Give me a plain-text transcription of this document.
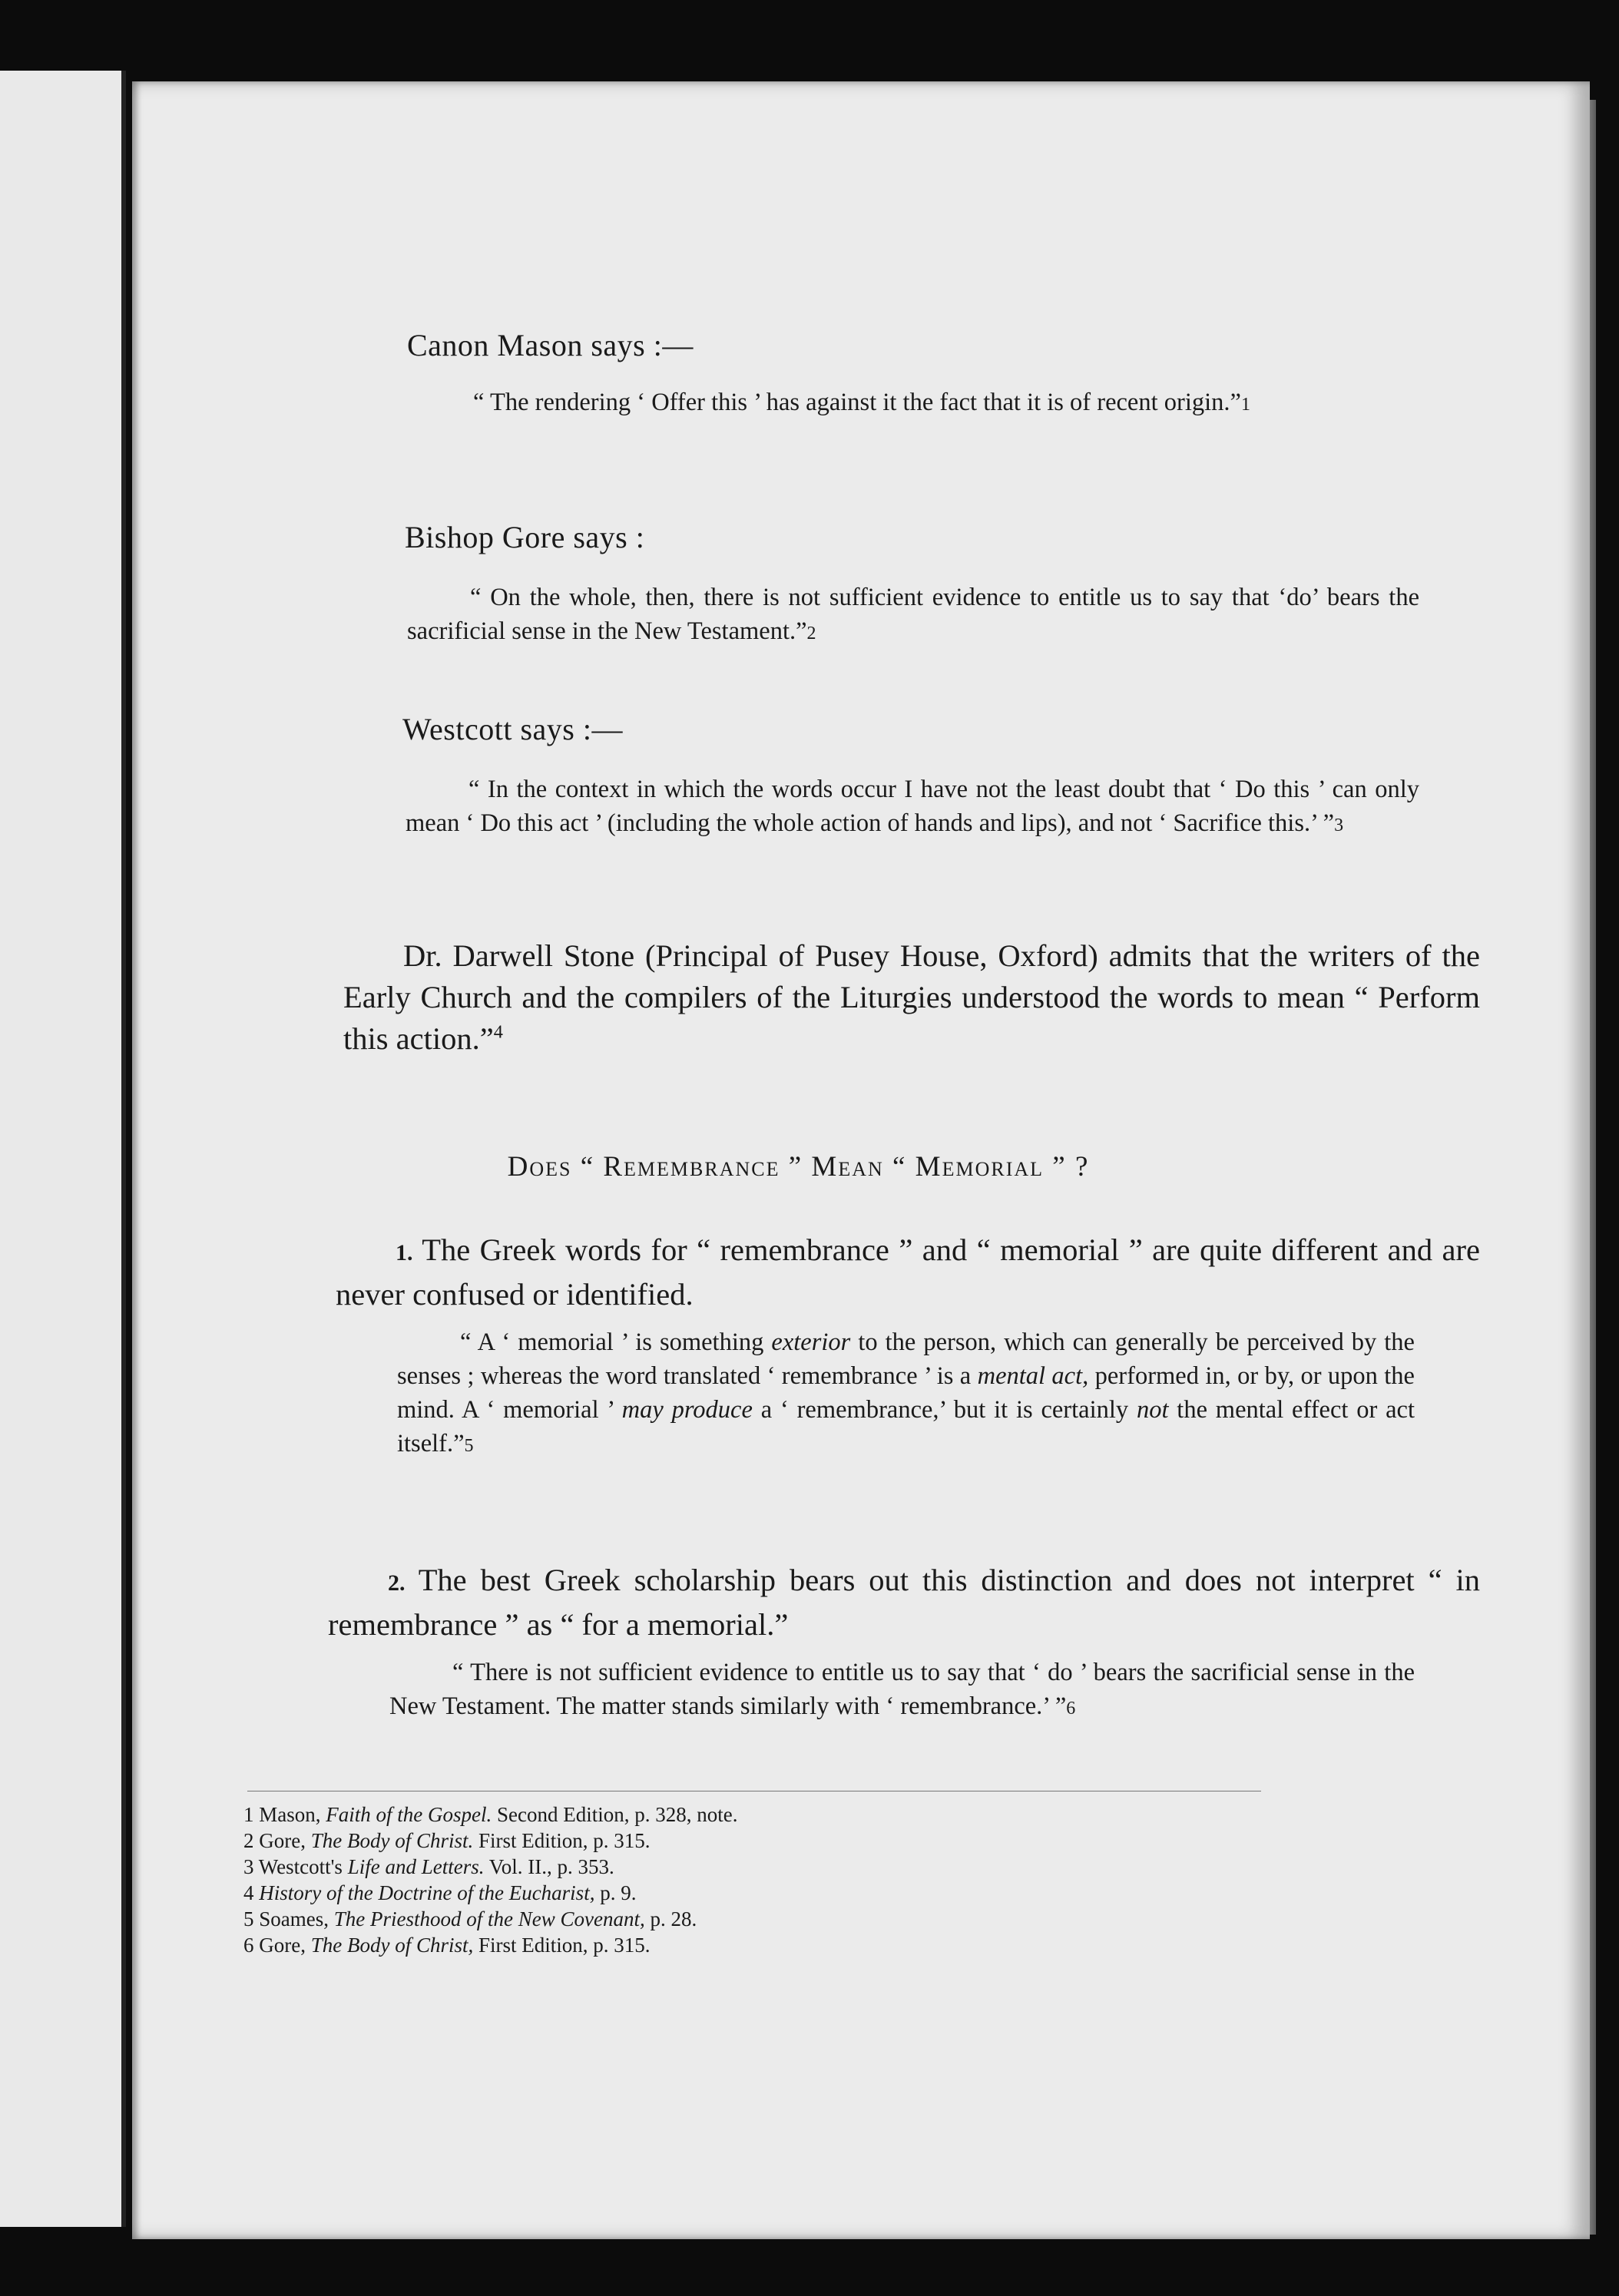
Canon Mason says :—
“ The rendering ‘ Offer this ’ has against it the fact that it is of recent origin.”1
Bishop Gore says :
“ On the whole, then, there is not sufficient evidence to entitle us to say that ‘do’ bears the sacrificial sense in the New Testament.”2
Westcott says :—
“ In the context in which the words occur I have not the least doubt that ‘ Do this ’ can only mean ‘ Do this act ’ (including the whole action of hands and lips), and not ‘ Sacrifice this.’ ”3
Dr. Darwell Stone (Principal of Pusey House, Oxford) admits that the writers of the Early Church and the compilers of the Liturgies understood the words to mean “ Perform this action.”$^4$
Does “ Remembrance ” Mean “ Memorial ” ?
1. The Greek words for “ remembrance ” and “ memorial ” are quite different and are never confused or identified.
“ A ‘ memorial ’ is something exterior to the person, which can generally be perceived by the senses ; whereas the word translated ‘ remembrance ’ is a mental act, performed in, or by, or upon the mind. A ‘ memorial ’ may produce a ‘ remembrance,’ but it is certainly not the mental effect or act itself.”5
2. The best Greek scholarship bears out this distinction and does not interpret “ in remembrance ” as “ for a memorial.”
“ There is not sufficient evidence to entitle us to say that ‘ do ’ bears the sacrificial sense in the New Testament. The matter stands similarly with ‘ remembrance.’ ”6
1 Mason, Faith of the Gospel. Second Edition, p. 328, note.
2 Gore, The Body of Christ. First Edition, p. 315.
3 Westcott's Life and Letters. Vol. II., p. 353.
4 History of the Doctrine of the Eucharist, p. 9.
5 Soames, The Priesthood of the New Covenant, p. 28.
6 Gore, The Body of Christ, First Edition, p. 315.
